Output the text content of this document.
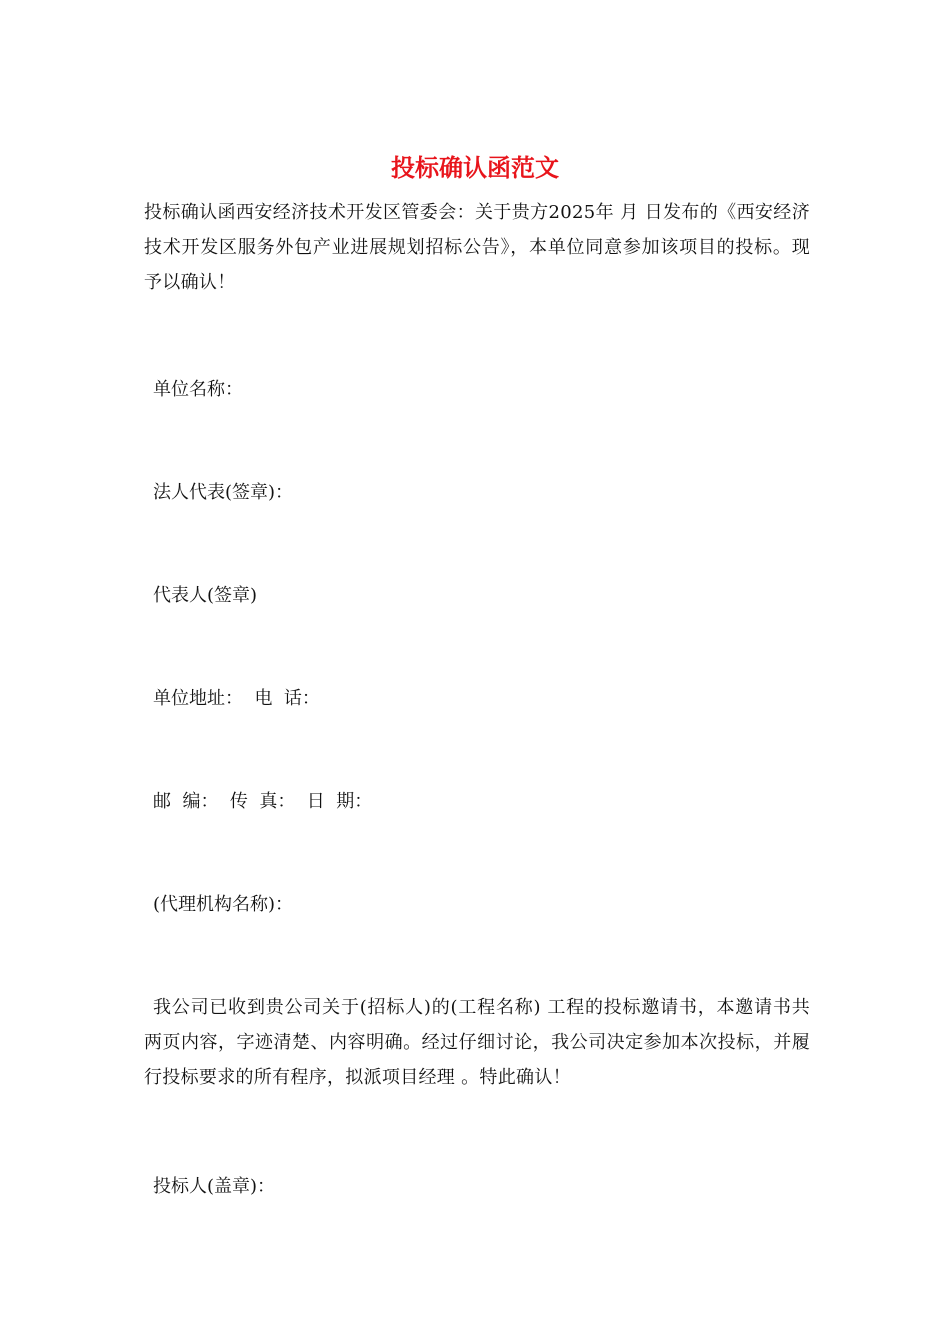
投标确认函范文

投标确认函西安经济技术开发区管委会：关于贵方2025年 月 日发布的《西安经济技术开发区服务外包产业进展规划招标公告》，本单位同意参加该项目的投标。现予以确认！

单位名称：

法人代表(签章)：

代表人(签章)

单位地址：  电  话：

邮  编：  传  真：  日  期：

(代理机构名称)：

我公司已收到贵公司关于(招标人)的(工程名称) 工程的投标邀请书，本邀请书共两页内容，字迹清楚、内容明确。经过仔细讨论，我公司决定参加本次投标，并履行投标要求的所有程序，拟派项目经理 。特此确认！

投标人(盖章)：
